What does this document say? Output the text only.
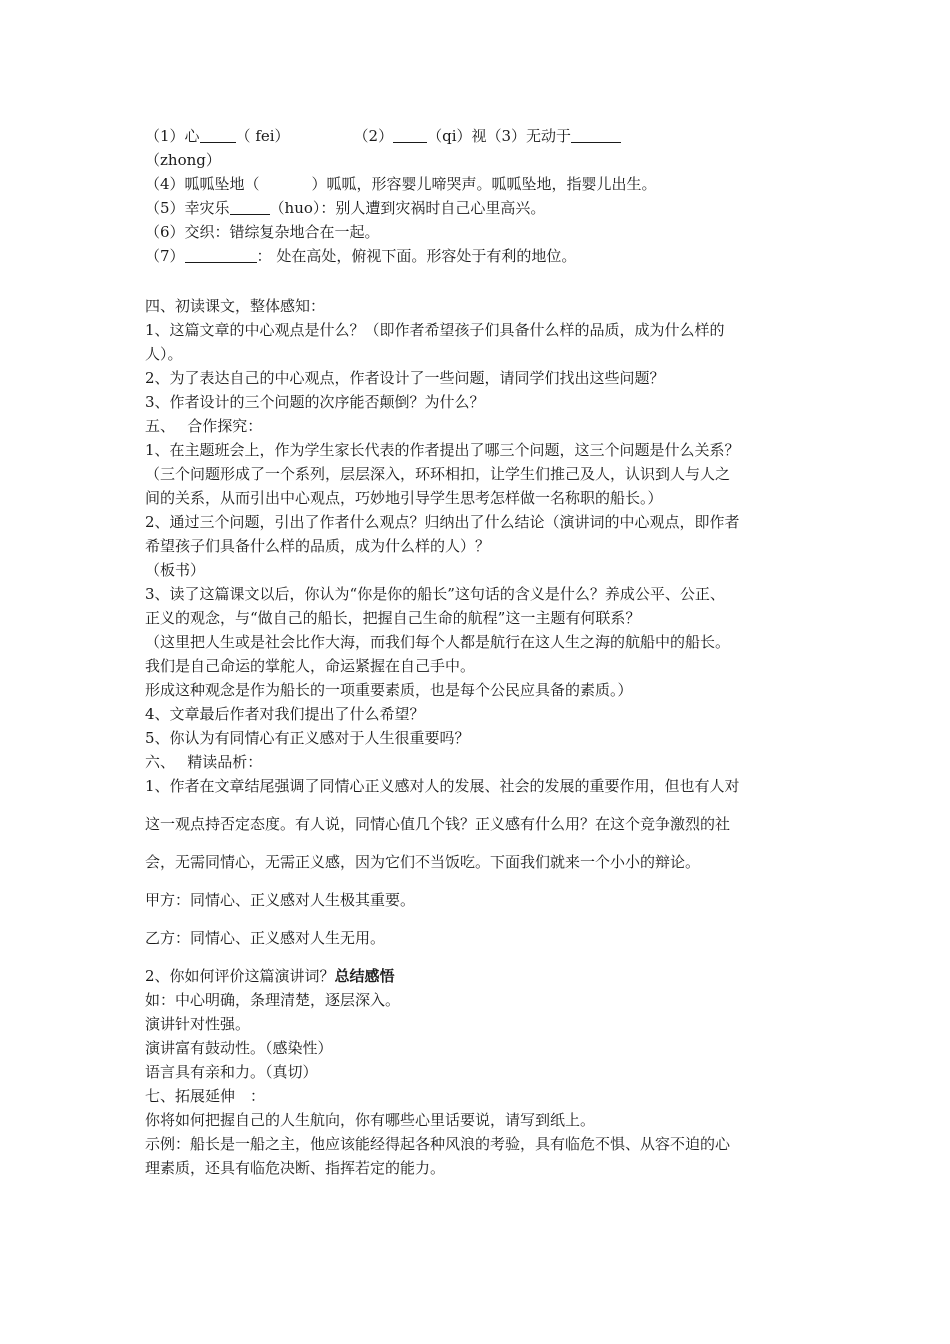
（1）心 （ fei）	（2） （qi）视（3）无动于
（zhong）
（4）呱呱坠地（	）呱呱，形容婴儿啼哭声。呱呱坠地，指婴儿出生。
（5）幸灾乐	（huo）：别人遭到灾祸时自己心里高兴。
（6）交织：错综复杂地合在一起。
（7）	： 处在高处，俯视下面。形容处于有利的地位。
四、初读课文，整体感知：
1、这篇文章的中心观点是什么？（即作者希望孩子们具备什么样的品质，成为什么样的
人）。
2、为了表达自己的中心观点，作者设计了一些问题，请同学们找出这些问题？
3、作者设计的三个问题的次序能否颠倒？为什么？
五、　 合作探究：
1、在主题班会上，作为学生家长代表的作者提出了哪三个问题，这三个问题是什么关系？
（三个问题形成了一个系列，层层深入，环环相扣，让学生们推己及人，认识到人与人之
间的关系，从而引出中心观点，巧妙地引导学生思考怎样做一名称职的船长。）
2、通过三个问题，引出了作者什么观点？归纳出了什么结论（演讲词的中心观点，即作者
希望孩子们具备什么样的品质，成为什么样的人）？
（板书）
3、读了这篇课文以后，你认为“你是你的船长”这句话的含义是什么？养成公平、公正、
正义的观念，与“做自己的船长，把握自己生命的航程”这一主题有何联系？
（这里把人生或是社会比作大海，而我们每个人都是航行在这人生之海的航船中的船长。
我们是自己命运的掌舵人，命运紧握在自己手中。
形成这种观念是作为船长的一项重要素质，也是每个公民应具备的素质。）
4、文章最后作者对我们提出了什么希望？
5、你认为有同情心有正义感对于人生很重要吗？
六、　 精读品析：
1、作者在文章结尾强调了同情心正义感对人的发展、社会的发展的重要作用，但也有人对
这一观点持否定态度。有人说，同情心值几个钱？正义感有什么用？在这个竞争激烈的社
会，无需同情心，无需正义感，因为它们不当饭吃。下面我们就来一个小小的辩论。
甲方：同情心、正义感对人生极其重要。
乙方：同情心、正义感对人生无用。
2、你如何评价这篇演讲词？总结感悟
如：中心明确，条理清楚，逐层深入。
演讲针对性强。
演讲富有鼓动性。（感染性）
语言具有亲和力。（真切）
七、拓展延伸　：
你将如何把握自己的人生航向，你有哪些心里话要说，请写到纸上。
示例：船长是一船之主，他应该能经得起各种风浪的考验，具有临危不惧、从容不迫的心
理素质，还具有临危决断、指挥若定的能力。
